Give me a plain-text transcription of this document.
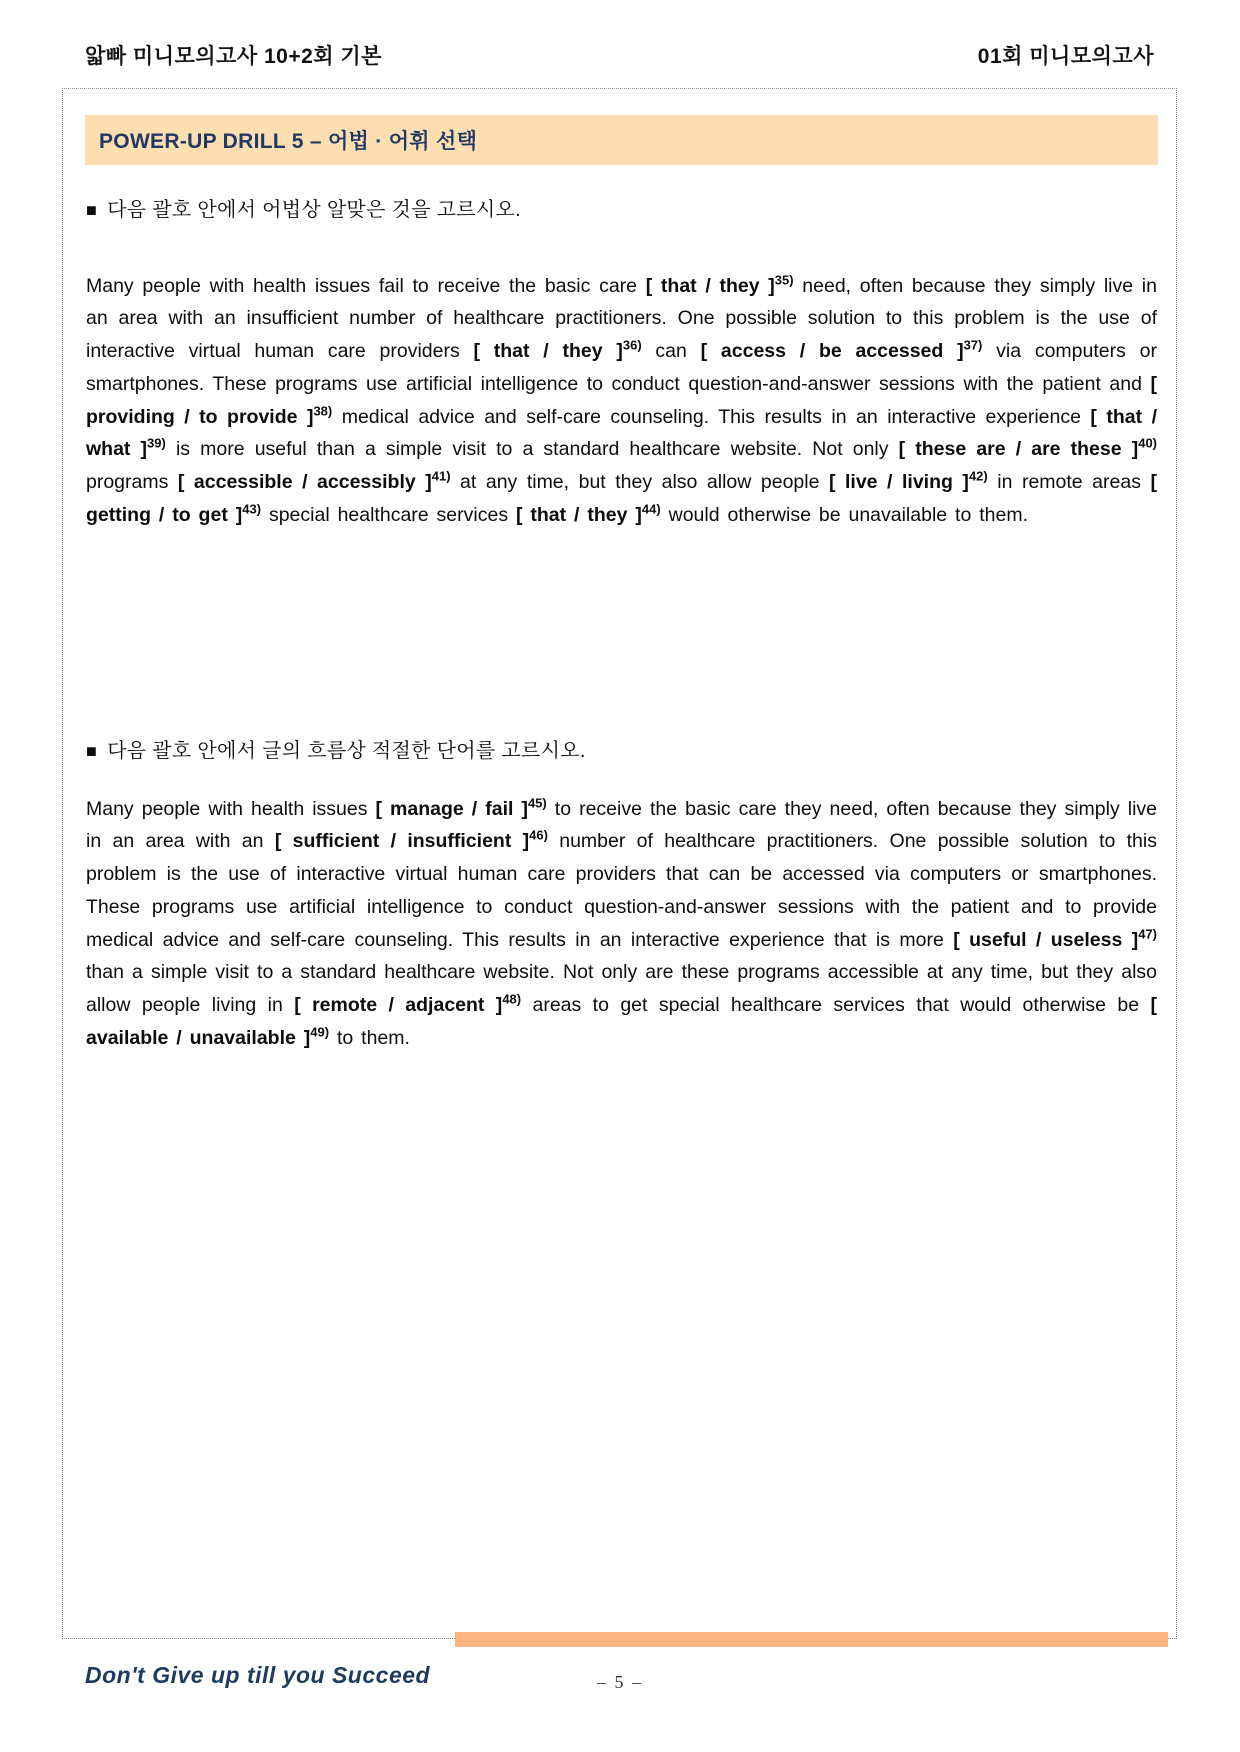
앏빠 미니모의고사 10+2회 기본	01회 미니모의고사
POWER-UP DRILL 5 – 어법 · 어휘 선택
■ 다음 괄호 안에서 어법상 알맞은 것을 고르시오.

Many people with health issues fail to receive the basic care [ that / they ]$^{35)}$ need, often because they simply live in an area with an insufficient number of healthcare practitioners. One possible solution to this problem is the use of interactive virtual human care providers [ that / they ]$^{36)}$ can [ access / be accessed ]$^{37)}$ via computers or smartphones. These programs use artificial intelligence to conduct question-and-answer sessions with the patient and [ providing / to provide ]$^{38)}$ medical advice and self-care counseling. This results in an interactive experience [ that / what ]$^{39)}$ is more useful than a simple visit to a standard healthcare website. Not only [ these are / are these ]$^{40)}$ programs [ accessible / accessibly ]$^{41)}$ at any time, but they also allow people [ live / living ]$^{42)}$ in remote areas [ getting / to get ]$^{43)}$ special healthcare services [ that / they ]$^{44)}$ would otherwise be unavailable to them.

■ 다음 괄호 안에서 글의 흐름상 적절한 단어를 고르시오.

Many people with health issues [ manage / fail ]$^{45)}$ to receive the basic care they need, often because they simply live in an area with an [ sufficient / insufficient ]$^{46)}$ number of healthcare practitioners. One possible solution to this problem is the use of interactive virtual human care providers that can be accessed via computers or smartphones. These programs use artificial intelligence to conduct question-and-answer sessions with the patient and to provide medical advice and self-care counseling. This results in an interactive experience that is more [ useful / useless ]$^{47)}$ than a simple visit to a standard healthcare website. Not only are these programs accessible at any time, but they also allow people living in [ remote / adjacent ]$^{48)}$ areas to get special healthcare services that would otherwise be [ available / unavailable ]$^{49)}$ to them.

Don't Give up till you Succeed	– 5 –
